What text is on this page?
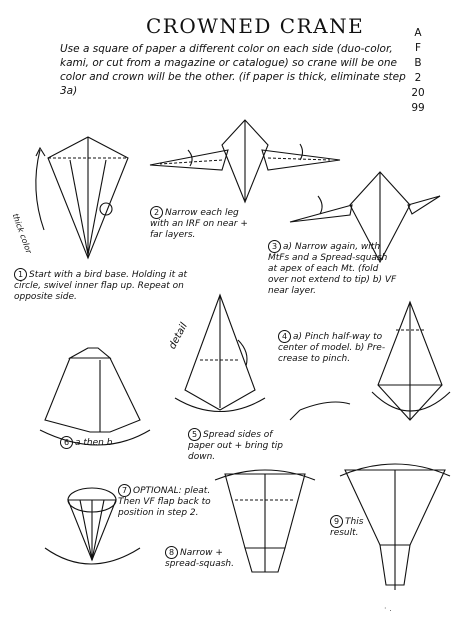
CROWNED CRANE
Use a square of paper a different color on each side (duo-color, kami, or cut from a magazine or catalogue) so crane will be one color and crown will be the other. (if paper is thick, eliminate step 3a)
A
F
B
2
20
99
thick color
detail
1 Start with a bird base. Holding it at circle, swivel inner flap up. Repeat on opposite side.
2 Narrow each leg with an IRF on near + far layers.
3 a) Narrow again, with MtFs and a Spread-squash at apex of each Mt. (fold over not extend to tip) b) VF near layer.
4 a) Pinch half-way to center of model. b) Pre-crease to pinch.
5 Spread sides of paper out + bring tip down.
6 a then b
7 OPTIONAL: pleat. Then VF flap back to position in step 2.
8 Narrow + spread-squash.
9 This result.
· .
